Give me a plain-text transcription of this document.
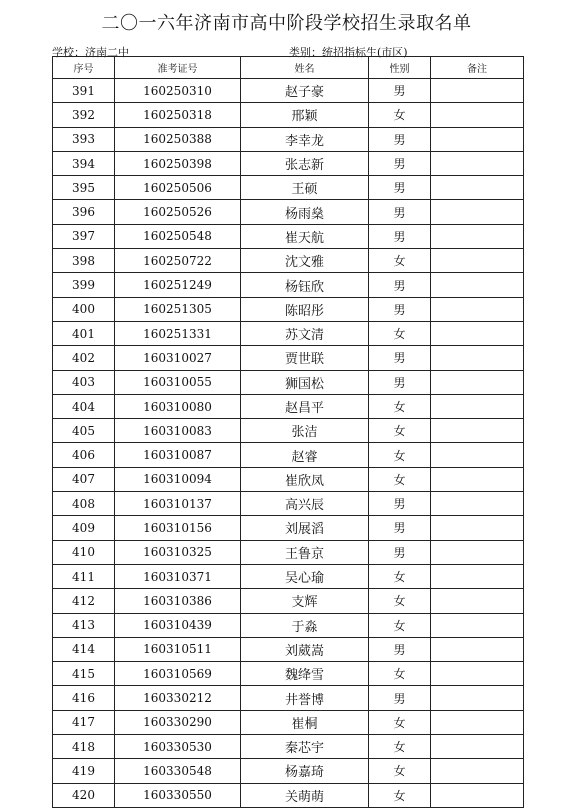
二〇一六年济南市高中阶段学校招生录取名单
学校：济南二中	类别：统招指标生(市区)
序号	准考证号	姓名	性别	备注
391	160250310	赵子豪	男	
392	160250318	邢颖	女	
393	160250388	李幸龙	男	
394	160250398	张志新	男	
395	160250506	王硕	男	
396	160250526	杨雨燊	男	
397	160250548	崔天航	男	
398	160250722	沈文雅	女	
399	160251249	杨钰欣	男	
400	160251305	陈昭彤	男	
401	160251331	苏文清	女	
402	160310027	贾世联	男	
403	160310055	狮国松	男	
404	160310080	赵昌平	女	
405	160310083	张洁	女	
406	160310087	赵睿	女	
407	160310094	崔欣凤	女	
408	160310137	高兴辰	男	
409	160310156	刘展滔	男	
410	160310325	王鲁京	男	
411	160310371	吴心瑜	女	
412	160310386	支辉	女	
413	160310439	于淼	女	
414	160310511	刘葳嵩	男	
415	160310569	魏绛雪	女	
416	160330212	井誉博	男	
417	160330290	崔桐	女	
418	160330530	秦芯宇	女	
419	160330548	杨嘉琦	女	
420	160330550	关萌萌	女	
